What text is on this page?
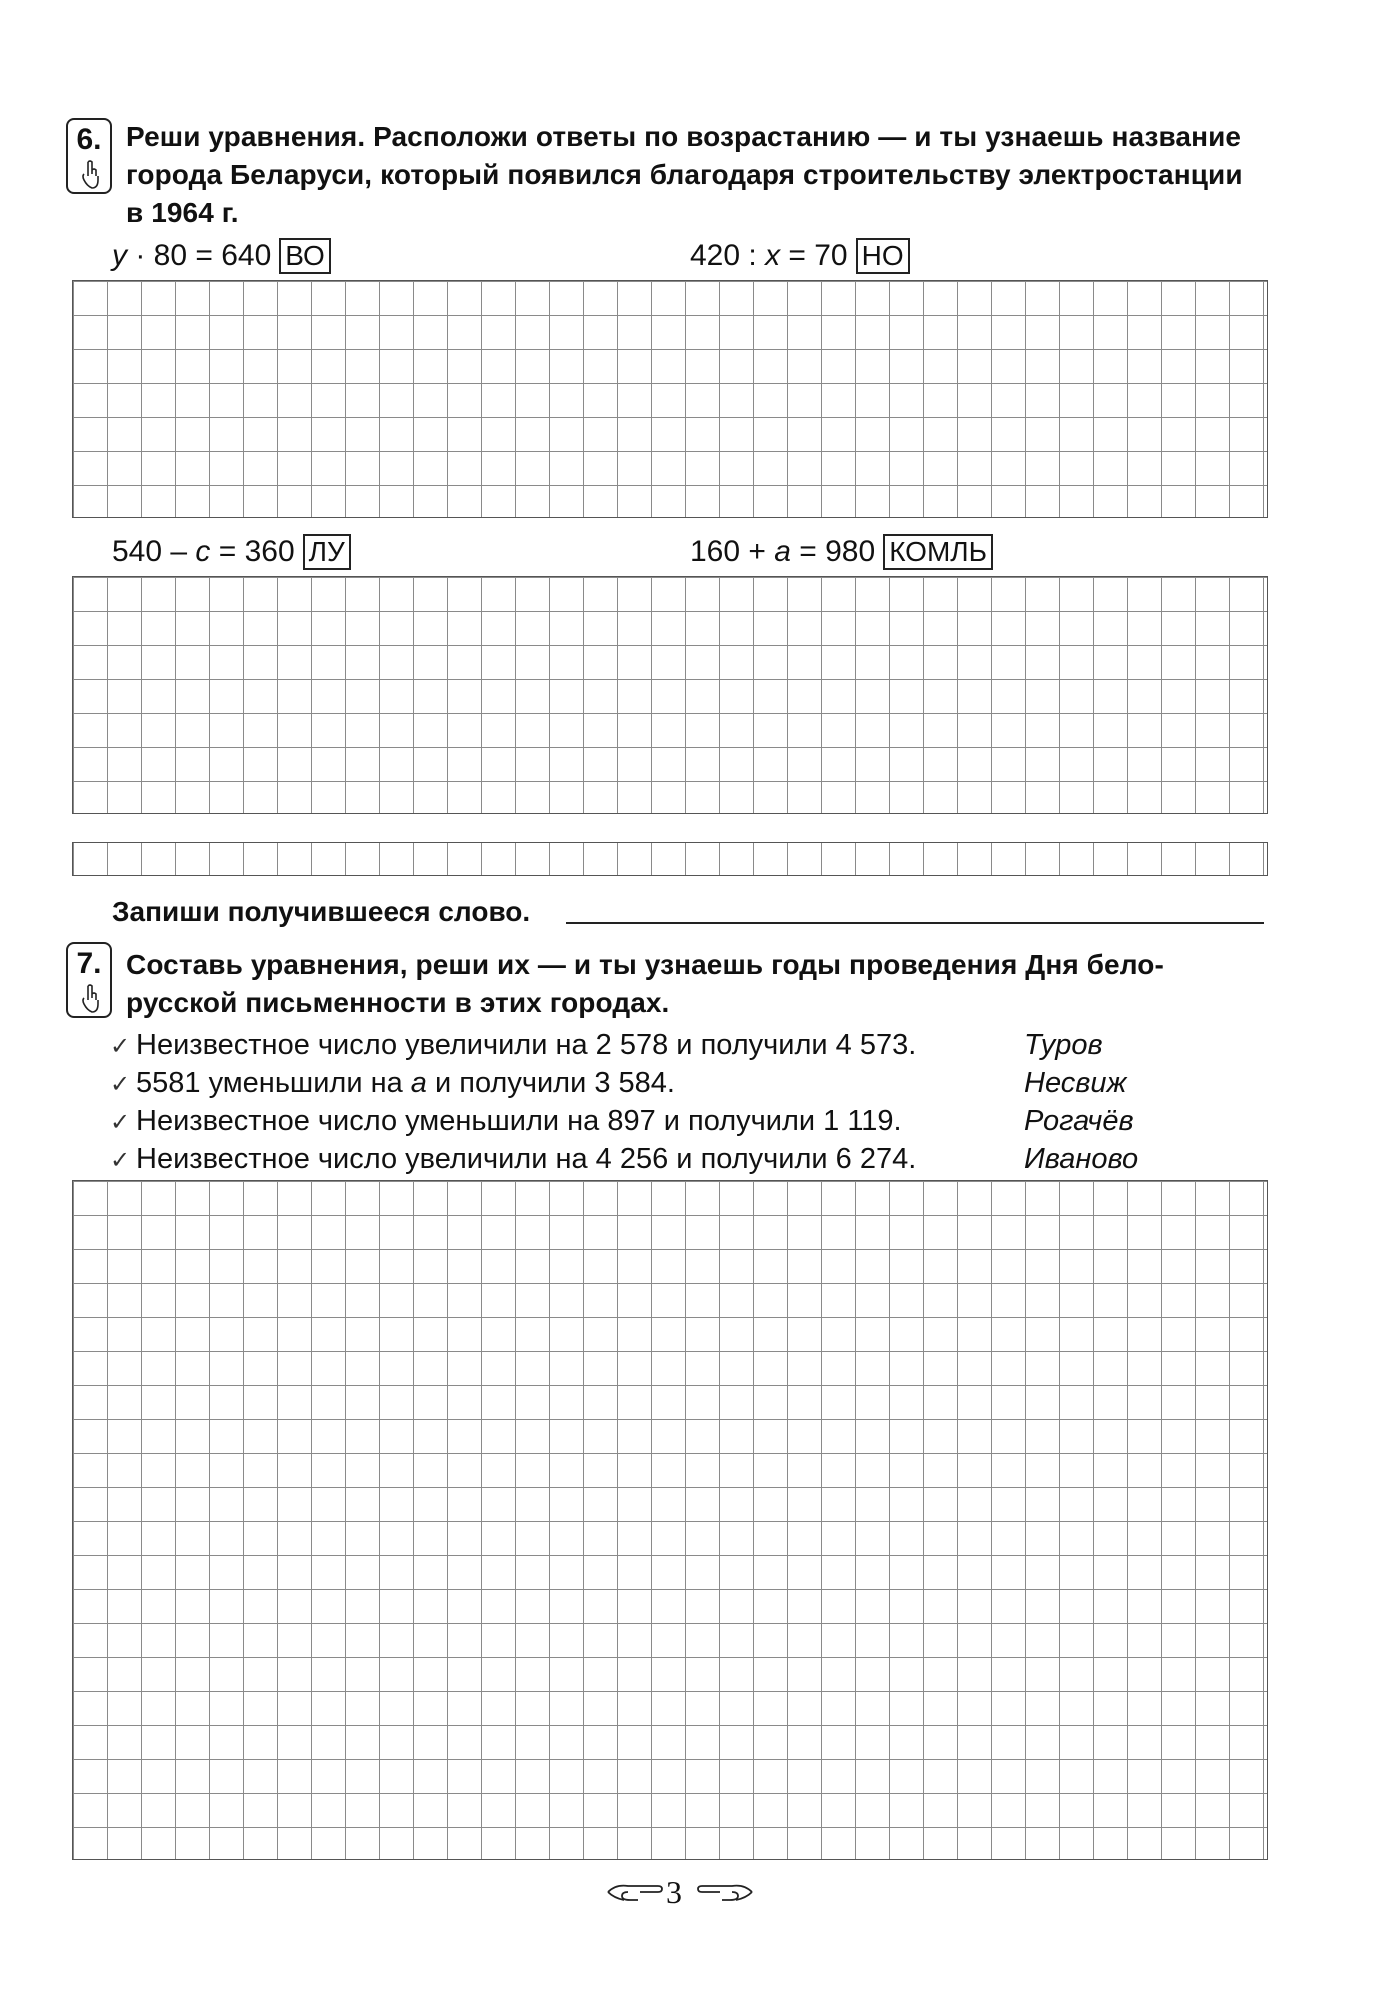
6. Реши уравнения. Расположи ответы по возрастанию — и ты узнаешь название
города Беларуси, который появился благодаря строительству электростанции
в 1964 г.
y · 80 = 640 ВО	420 : x = 70 НО
540 – c = 360 ЛУ	160 + a = 980 КОМЛЬ
Запиши получившееся слово.
7. Составь уравнения, реши их — и ты узнаешь годы проведения Дня бело-
русской письменности в этих городах.
✓ Неизвестное число увеличили на 2 578 и получили 4 573.	Туров
✓ 5581 уменьшили на a и получили 3 584.	Несвиж
✓ Неизвестное число уменьшили на 897 и получили 1 119.	Рогачёв
✓ Неизвестное число увеличили на 4 256 и получили 6 274.	Иваново
3
